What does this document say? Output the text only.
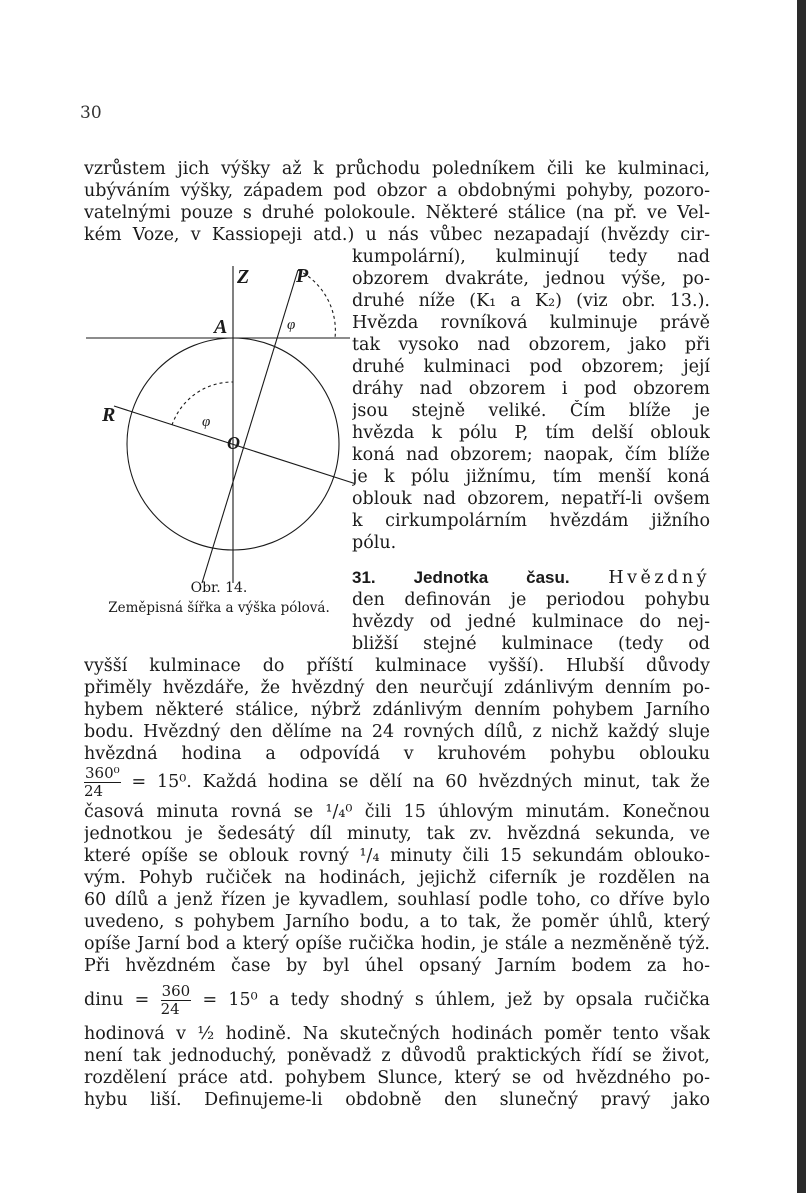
30
vzrůstem jich výšky až k průchodu poledníkem čili ke kulminaci,
ubýváním výšky, západem pod obzor a obdobnými pohyby, pozoro-
vatelnými pouze s druhé polokoule. Některé stálice (na př. ve Vel-
kém Voze, v Kassiopeji atd.) u nás vůbec nezapadají (hvězdy cir-
kumpolární), kulminují tedy nad
obzorem dvakráte, jednou výše, po-
druhé níže (K₁ a K₂) (viz obr. 13.).
Hvězda rovníková kulminuje právě
tak vysoko nad obzorem, jako při
druhé kulminaci pod obzorem; její
dráhy nad obzorem i pod obzorem
jsou stejně veliké. Čím blíže je
hvězda k pólu P, tím delší oblouk
koná nad obzorem; naopak, čím blíže
je k pólu jižnímu, tím menší koná
oblouk nad obzorem, nepatří-li ovšem
k cirkumpolárním hvězdám jižního
pólu.
31. Jednotka času. Hvězdný
den definován je periodou pohybu
hvězdy od jedné kulminace do nej-
bližší stejné kulminace (tedy od
Z P
A
R
O
φ
φ
Obr. 14.
Zeměpisná šířka a výška pólová.
vyšší kulminace do příští kulminace vyšší). Hlubší důvody
přiměly hvězdáře, že hvězdný den neurčují zdánlivým denním po-
hybem některé stálice, nýbrž zdánlivým denním pohybem Jarního
bodu. Hvězdný den dělíme na 24 rovných dílů, z nichž každý sluje
hvězdná hodina a odpovídá v kruhovém pohybu oblouku
$\frac{\text{360⁰}}{24} = 15^0$. Každá hodina se dělí na 60 hvězdných minut, tak že
časová minuta rovná se ¹/₄⁰ čili 15 úhlovým minutám. Konečnou
jednotkou je šedesátý díl minuty, tak zv. hvězdná sekunda, ve
které opíše se oblouk rovný ¹/₄ minuty čili 15 sekundám oblouko-
vým. Pohyb ručiček na hodinách, jejichž ciferník je rozdělen na
60 dílů a jenž řízen je kyvadlem, souhlasí podle toho, co dříve bylo
uvedeno, s pohybem Jarního bodu, a to tak, že poměr úhlů, který
opíše Jarní bod a který opíše ručička hodin, je stále a nezměněně týž.
Při hvězdném čase by byl úhel opsaný Jarním bodem za ho-
dinu = $\frac{360}{24} = 15^0$ a tedy shodný s úhlem, jež by opsala ručička
hodinová v ½ hodině. Na skutečných hodinách poměr tento však
není tak jednoduchý, poněvadž z důvodů praktických řídí se život,
rozdělení práce atd. pohybem Slunce, který se od hvězdného po-
hybu liší. Definujeme-li obdobně den slunečný pravý jako
